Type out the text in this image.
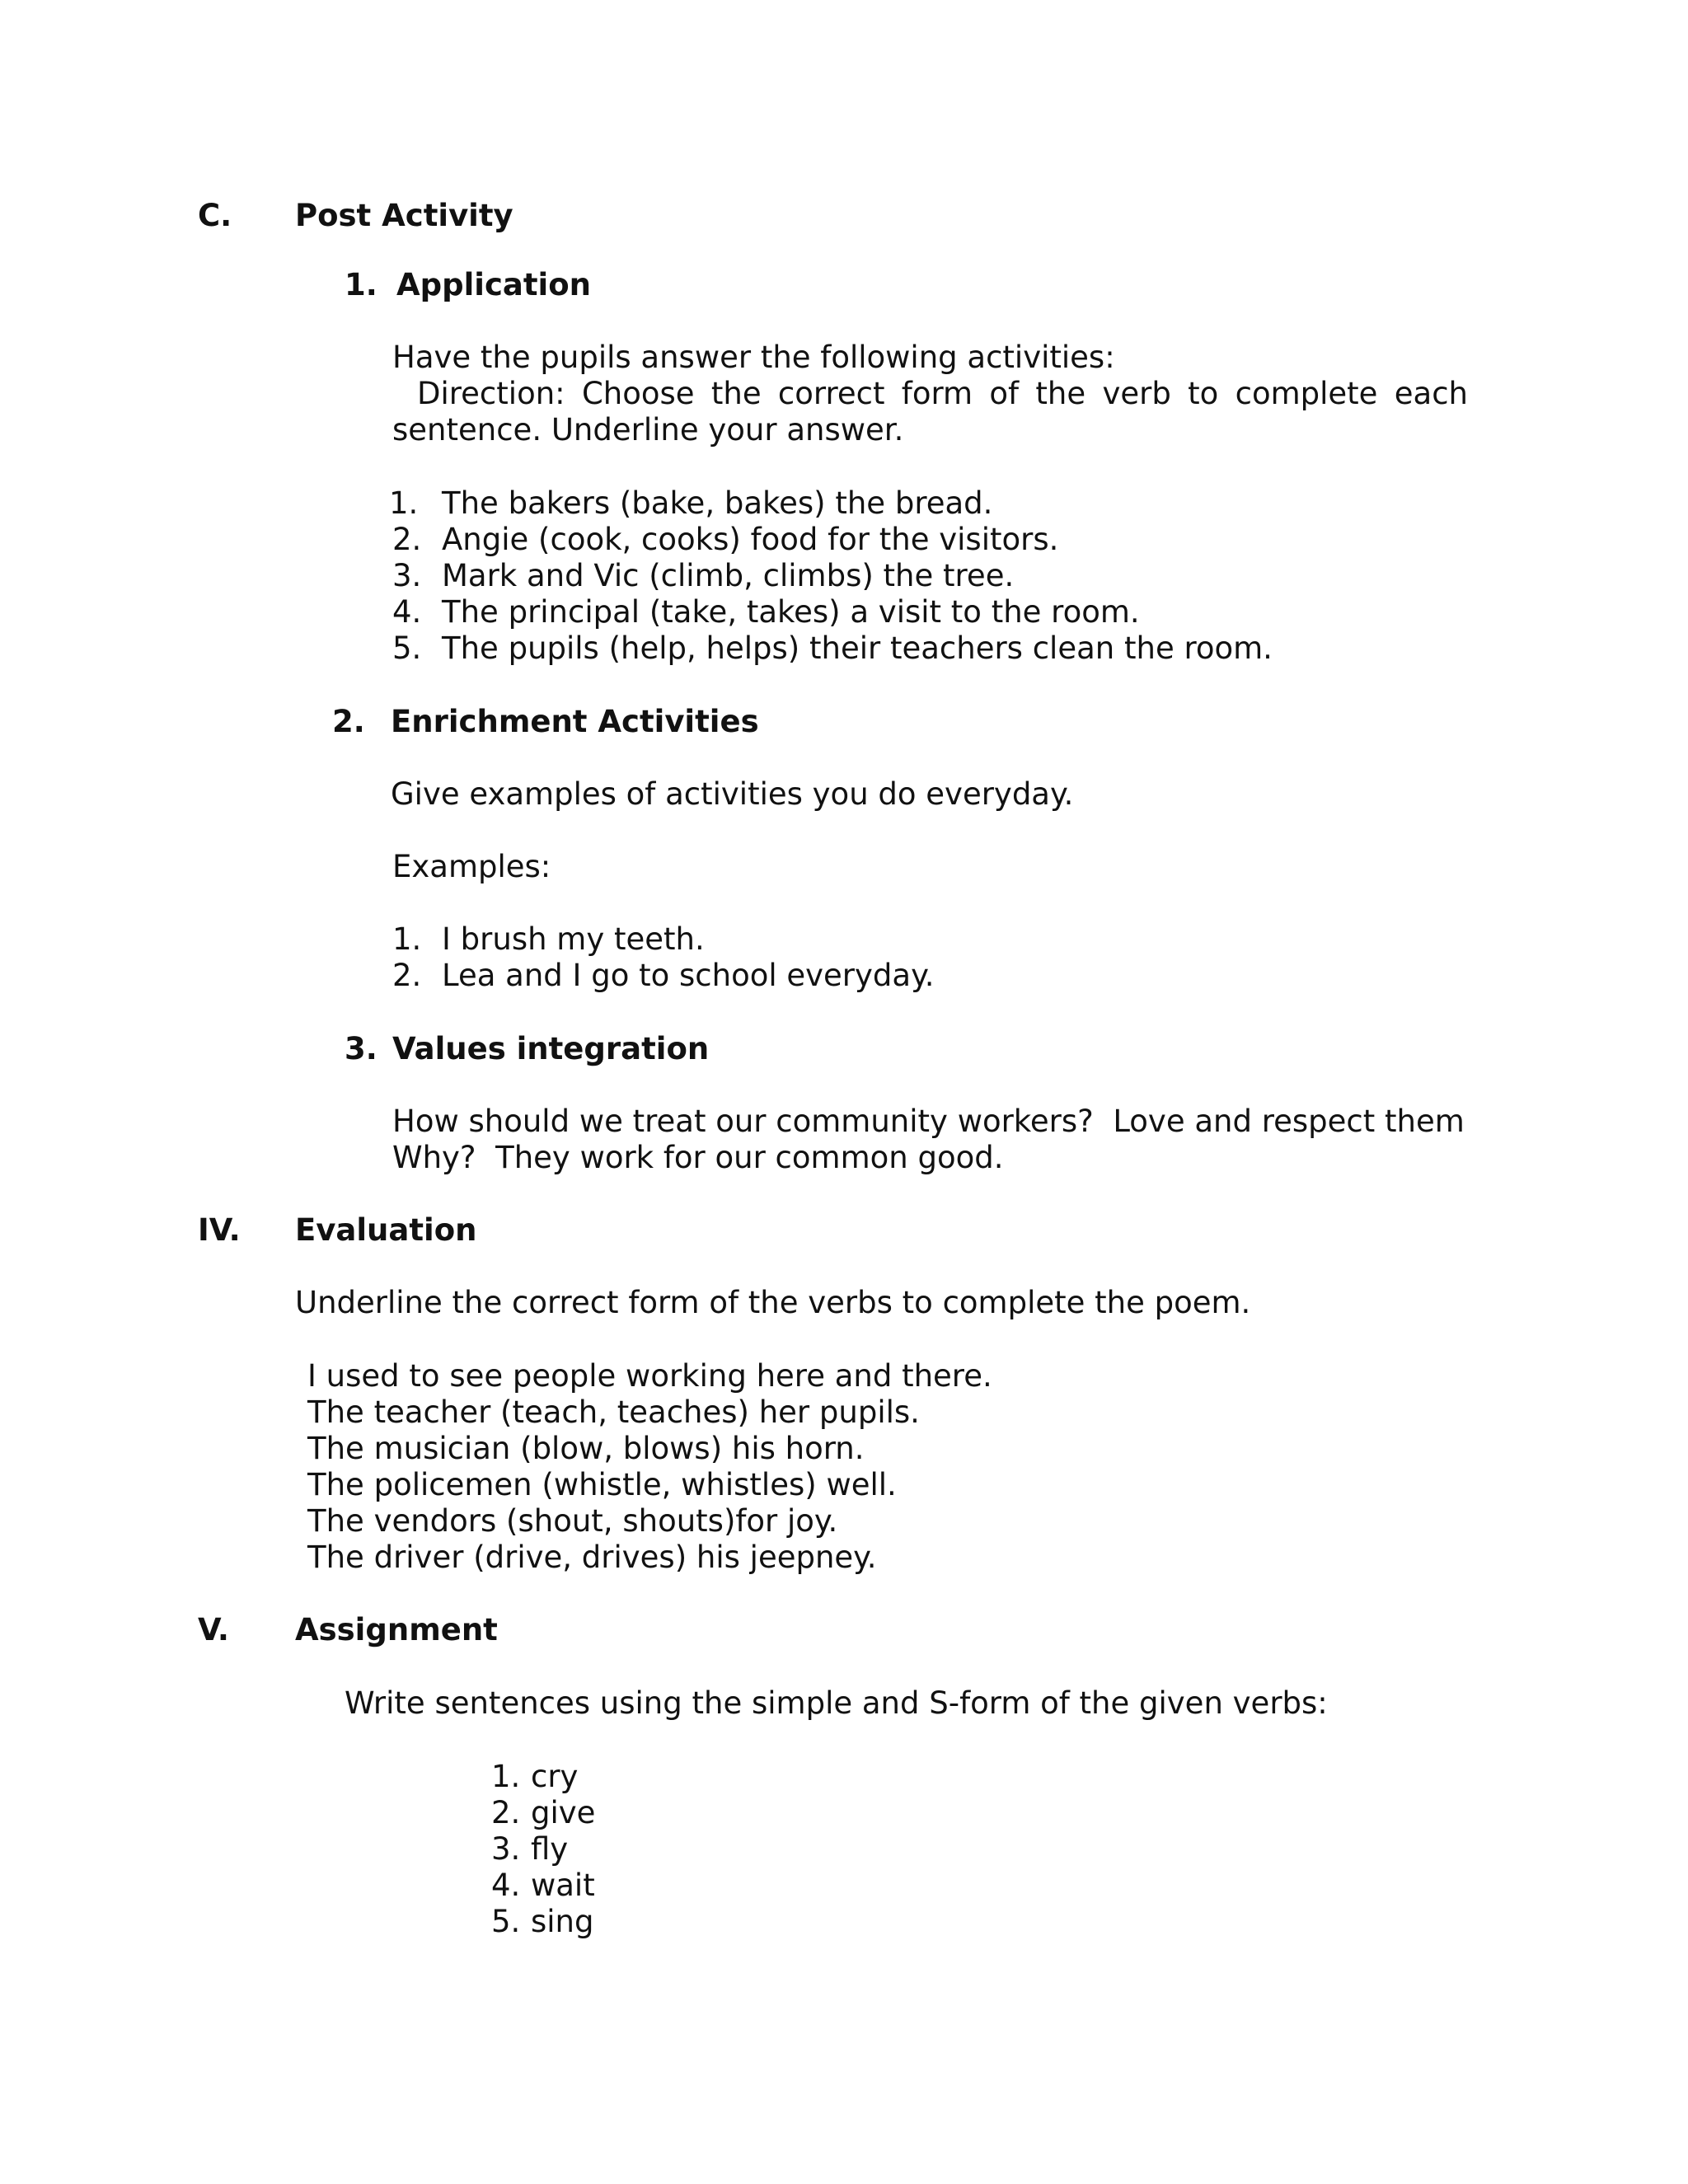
C. Post Activity
1. Application
Have the pupils answer the following activities:
Direction: Choose the correct form of the verb to complete each
sentence. Underline your answer.
1. The bakers (bake, bakes) the bread.
2. Angie (cook, cooks) food for the visitors.
3. Mark and Vic (climb, climbs) the tree.
4. The principal (take, takes) a visit to the room.
5. The pupils (help, helps) their teachers clean the room.
2. Enrichment Activities
Give examples of activities you do everyday.
Examples:
1. I brush my teeth.
2. Lea and I go to school everyday.
3. Values integration
How should we treat our community workers?  Love and respect them
Why?  They work for our common good.
IV. Evaluation
Underline the correct form of the verbs to complete the poem.
I used to see people working here and there.
The teacher (teach, teaches) her pupils.
The musician (blow, blows) his horn.
The policemen (whistle, whistles) well.
The vendors (shout, shouts)for joy.
The driver (drive, drives) his jeepney.
V. Assignment
Write sentences using the simple and S-form of the given verbs:
1. cry
2. give
3. fly
4. wait
5. sing
